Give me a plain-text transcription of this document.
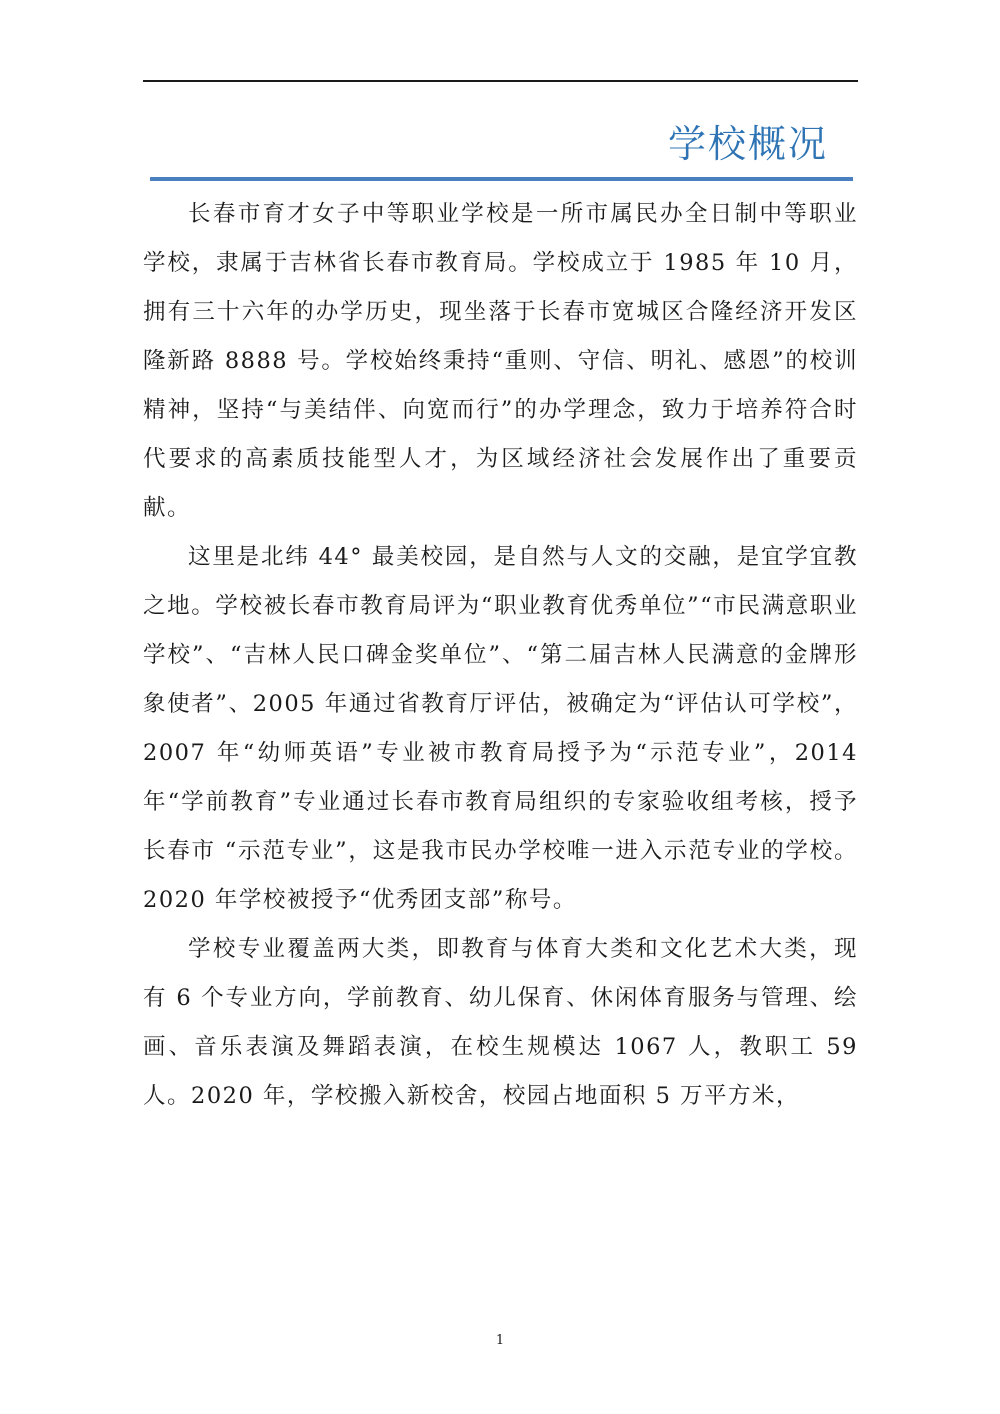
学校概况

长春市育才女子中等职业学校是一所市属民办全日制中等职业学校，隶属于吉林省长春市教育局。学校成立于 1985 年 10 月，拥有三十六年的办学历史，现坐落于长春市宽城区合隆经济开发区隆新路 8888 号。学校始终秉持“重则、守信、明礼、感恩”的校训精神，坚持“与美结伴、向宽而行”的办学理念，致力于培养符合时代要求的高素质技能型人才，为区域经济社会发展作出了重要贡献。

这里是北纬 44° 最美校园，是自然与人文的交融，是宜学宜教之地。学校被长春市教育局评为“职业教育优秀单位”“市民满意职业学校”、“吉林人民口碑金奖单位”、“第二届吉林人民满意的金牌形象使者”、2005 年通过省教育厅评估，被确定为“评估认可学校”，2007 年“幼师英语”专业被市教育局授予为“示范专业”，2014 年“学前教育”专业通过长春市教育局组织的专家验收组考核，授予长春市 “示范专业”，这是我市民办学校唯一进入示范专业的学校。2020 年学校被授予“优秀团支部”称号。

学校专业覆盖两大类，即教育与体育大类和文化艺术大类，现有 6 个专业方向，学前教育、幼儿保育、休闲体育服务与管理、绘画、音乐表演及舞蹈表演，在校生规模达 1067 人，教职工 59 人。2020 年，学校搬入新校舍，校园占地面积 5 万平方米，

1
